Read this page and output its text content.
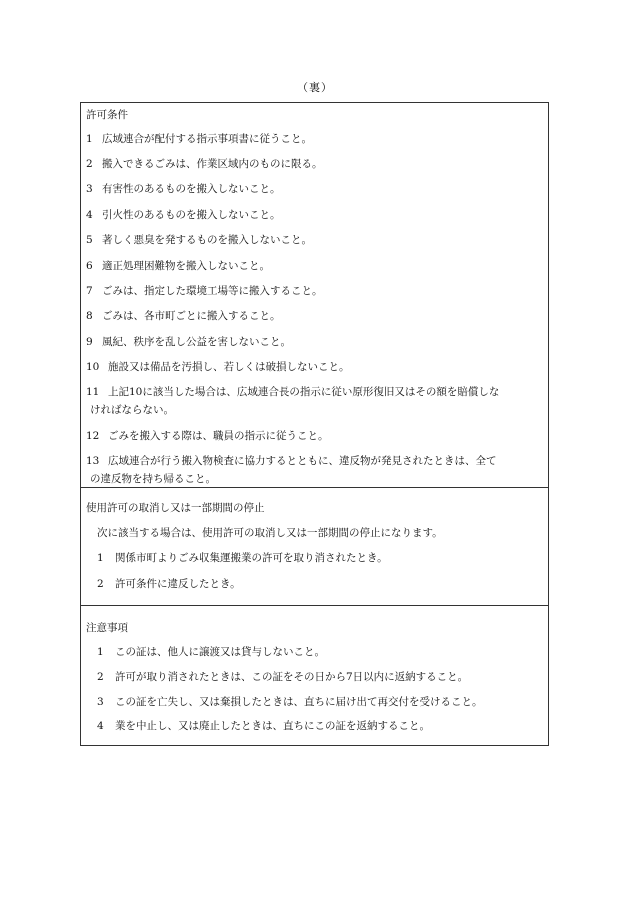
（裏）
許可条件
1 広域連合が配付する指示事項書に従うこと。
2 搬入できるごみは、作業区域内のものに限る。
3 有害性のあるものを搬入しないこと。
4 引火性のあるものを搬入しないこと。
5 著しく悪臭を発するものを搬入しないこと。
6 適正処理困難物を搬入しないこと。
7 ごみは、指定した環境工場等に搬入すること。
8 ごみは、各市町ごとに搬入すること。
9 風紀、秩序を乱し公益を害しないこと。
10 施設又は備品を汚損し、若しくは破損しないこと。
11 上記10に該当した場合は、広域連合長の指示に従い原形復旧又はその額を賠償しな
ければならない。
12 ごみを搬入する際は、職員の指示に従うこと。
13 広域連合が行う搬入物検査に協力するとともに、違反物が発見されたときは、全て
の違反物を持ち帰ること。
使用許可の取消し又は一部期間の停止
次に該当する場合は、使用許可の取消し又は一部期間の停止になります。
1 関係市町よりごみ収集運搬業の許可を取り消されたとき。
2 許可条件に違反したとき。
注意事項
1 この証は、他人に譲渡又は貸与しないこと。
2 許可が取り消されたときは、この証をその日から7日以内に返納すること。
3 この証を亡失し、又は棄損したときは、直ちに届け出て再交付を受けること。
4 業を中止し、又は廃止したときは、直ちにこの証を返納すること。
